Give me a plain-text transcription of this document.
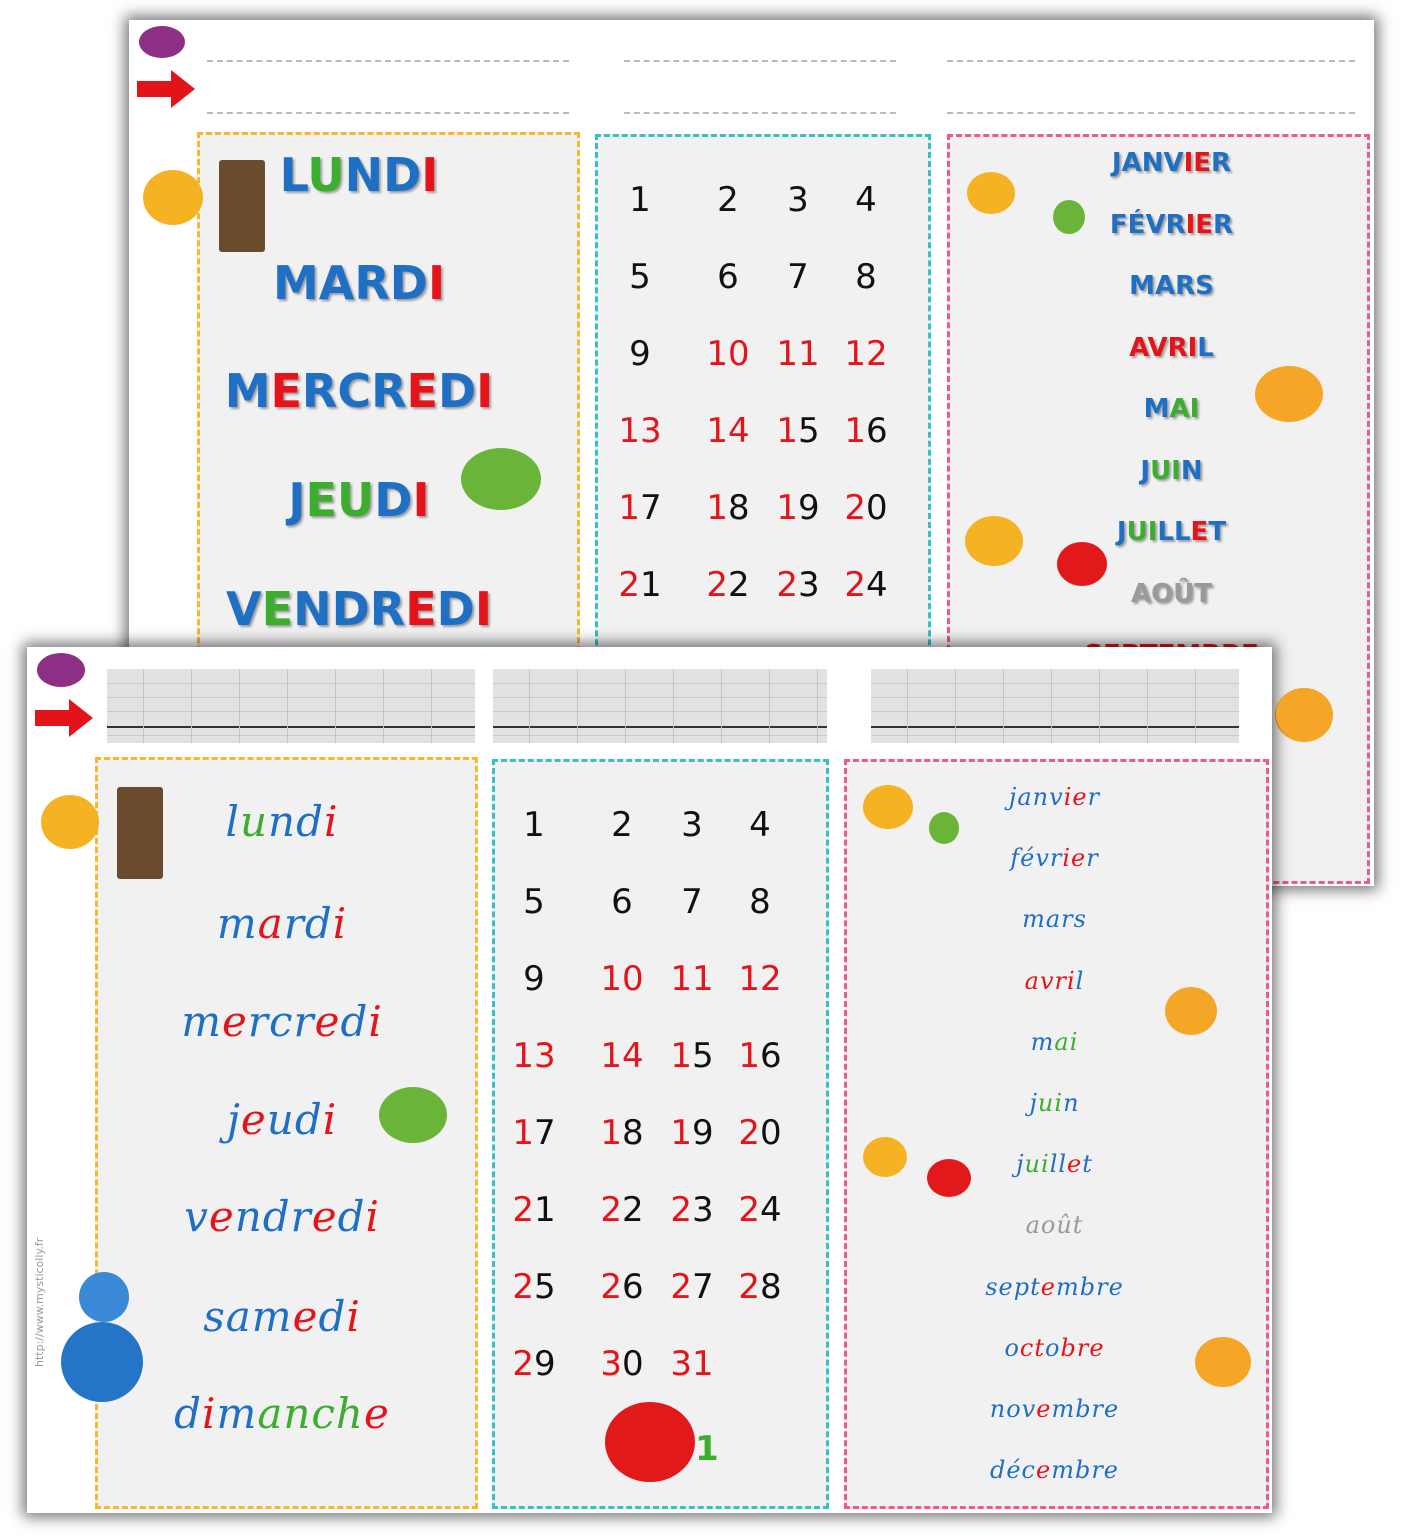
LUNDI
MARDI
MERCREDI
JEUDI
VENDREDI
1	2	3	4
5	6	7	8
9	10 11 12
13	14 15 16
17	18 19 20
21	22 23 24
JANVIER
FÉVRIER
MARS
AVRIL
MAI
JUIN
JUILLET
AOÛT
http://www.mysticolly.fr
lundi
mardi
mercredi
jeudi
vendredi
samedi
dimanche
1	2	3	4
5	6	7	8
9	10 11 12
13	14 15 16
17	18 19 20
21	22 23 24
25	26 27 28
29	30 31
1
janvier
février
mars
avril
mai
juin
juillet
août
septembre
octobre
novembre
décembre
